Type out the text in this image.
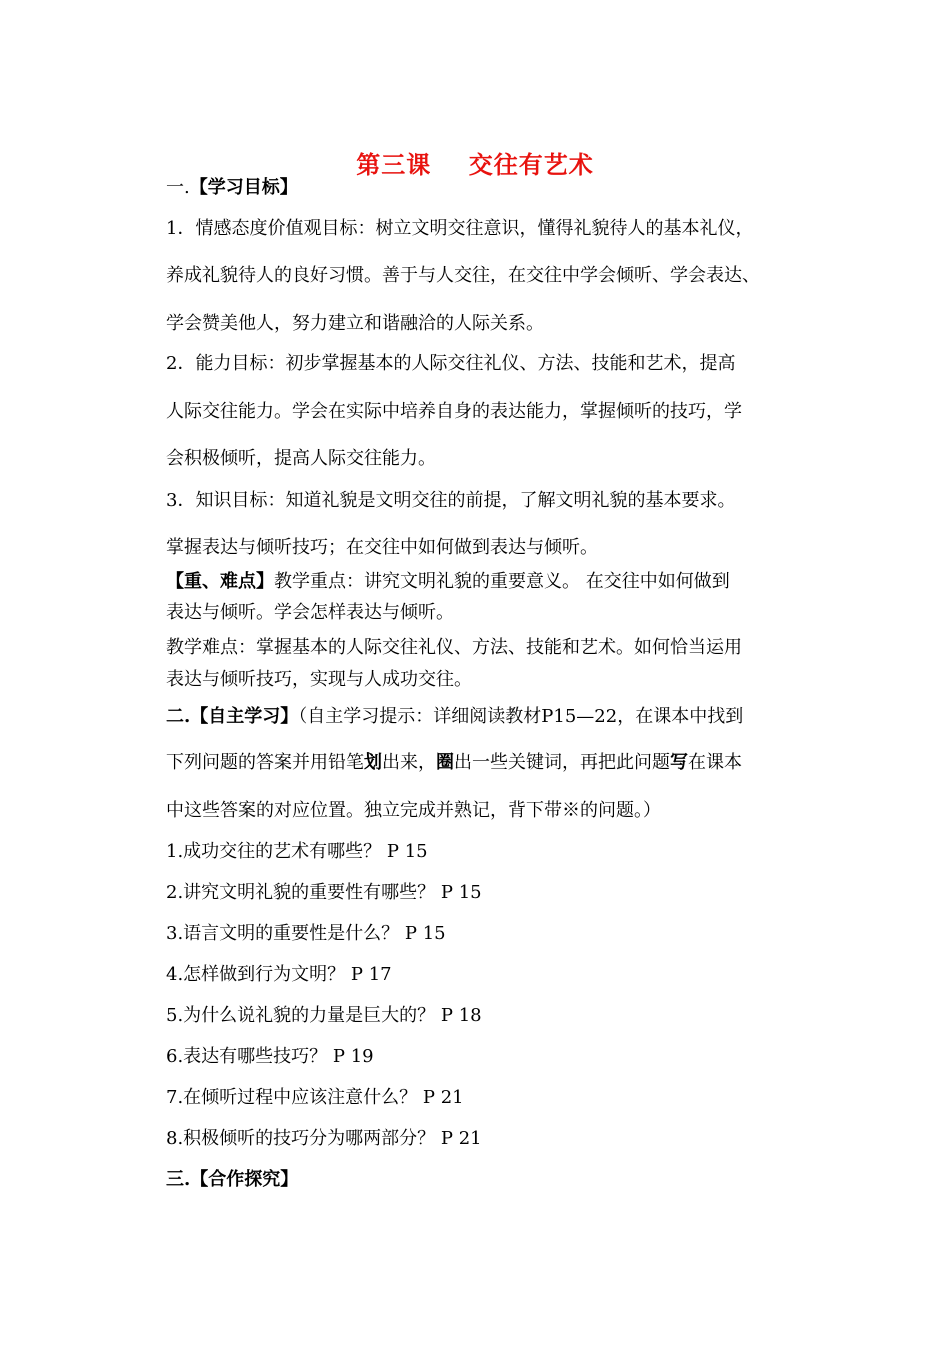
第三课    交往有艺术
一.【学习目标】
1．情感态度价值观目标：树立文明交往意识，懂得礼貌待人的基本礼仪，
养成礼貌待人的良好习惯。善于与人交往，在交往中学会倾听、学会表达、
学会赞美他人，努力建立和谐融洽的人际关系。
2．能力目标：初步掌握基本的人际交往礼仪、方法、技能和艺术，提高
人际交往能力。学会在实际中培养自身的表达能力，掌握倾听的技巧，学
会积极倾听，提高人际交往能力。
3．知识目标：知道礼貌是文明交往的前提，了解文明礼貌的基本要求。
掌握表达与倾听技巧；在交往中如何做到表达与倾听。
【重、难点】教学重点：讲究文明礼貌的重要意义。 在交往中如何做到
表达与倾听。学会怎样表达与倾听。
教学难点：掌握基本的人际交往礼仪、方法、技能和艺术。如何恰当运用
表达与倾听技巧，实现与人成功交往。
二.【自主学习】（自主学习提示：详细阅读教材P15—22，在课本中找到
下列问题的答案并用铅笔划出来，圈出一些关键词，再把此问题写在课本
中这些答案的对应位置。独立完成并熟记，背下带※的问题。）
1.成功交往的艺术有哪些？ P 15
2.讲究文明礼貌的重要性有哪些？ P 15
3.语言文明的重要性是什么？ P 15
4.怎样做到行为文明？ P 17
5.为什么说礼貌的力量是巨大的？ P 18
6.表达有哪些技巧？ P 19
7.在倾听过程中应该注意什么？ P 21
8.积极倾听的技巧分为哪两部分？ P 21
三.【合作探究】
